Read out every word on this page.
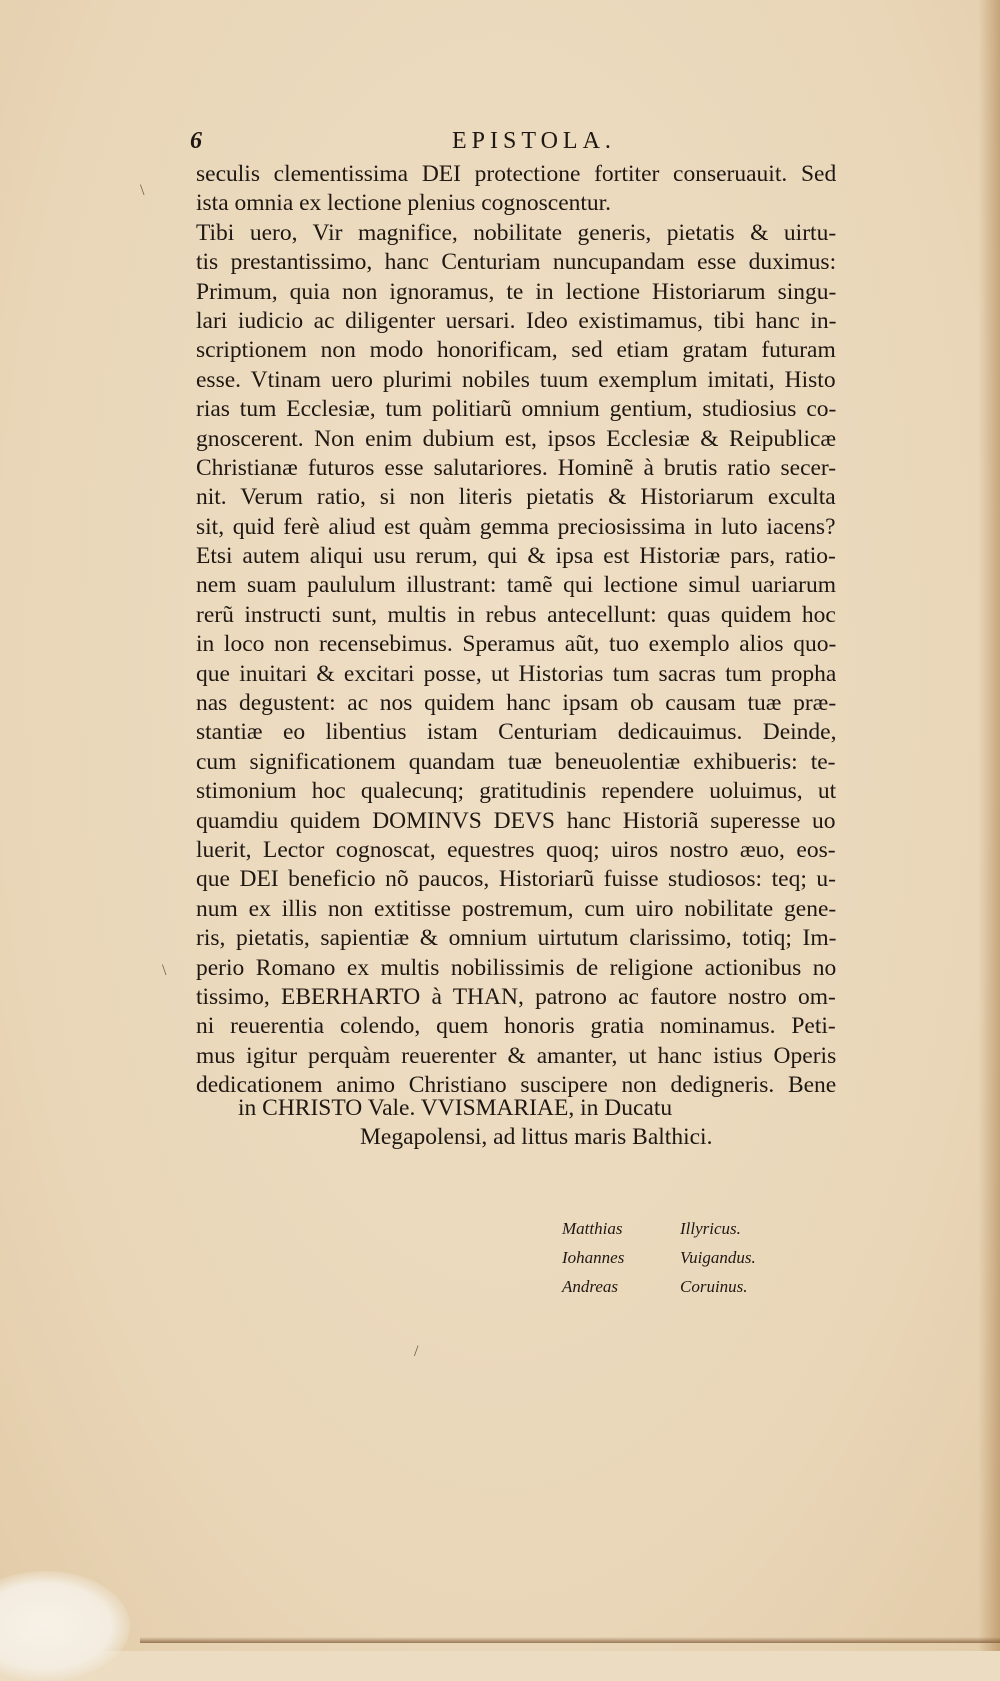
\
\
/
6	EPISTOLA.
seculis clementissima DEI protectione fortiter conseruauit. Sed
ista omnia ex lectione plenius cognoscentur.
Tibi uero, Vir magnifice, nobilitate generis, pietatis & uirtu-
tis prestantissimo, hanc Centuriam nuncupandam esse duximus:
Primum, quia non ignoramus, te in lectione Historiarum singu-
lari iudicio ac diligenter uersari. Ideo existimamus, tibi hanc in-
scriptionem non modo honorificam, sed etiam gratam futuram
esse. Vtinam uero plurimi nobiles tuum exemplum imitati, Histo
rias tum Ecclesiæ, tum politiarũ omnium gentium, studiosius co-
gnoscerent. Non enim dubium est, ipsos Ecclesiæ & Reipublicæ
Christianæ futuros esse salutariores. Hominẽ à brutis ratio secer-
nit. Verum ratio, si non literis pietatis & Historiarum exculta
sit, quid ferè aliud est quàm gemma preciosissima in luto iacens?
Etsi autem aliqui usu rerum, qui & ipsa est Historiæ pars, ratio-
nem suam paululum illustrant: tamẽ qui lectione simul uariarum
rerũ instructi sunt, multis in rebus antecellunt: quas quidem hoc
in loco non recensebimus. Speramus aũt, tuo exemplo alios quo-
que inuitari & excitari posse, ut Historias tum sacras tum propha
nas degustent: ac nos quidem hanc ipsam ob causam tuæ præ-
stantiæ eo libentius istam Centuriam dedicauimus. Deinde,
cum significationem quandam tuæ beneuolentiæ exhibueris: te-
stimonium hoc qualecunq; gratitudinis rependere uoluimus, ut
quamdiu quidem DOMINVS DEVS hanc Historiã superesse uo
luerit, Lector cognoscat, equestres quoq; uiros nostro æuo, eos-
que DEI beneficio nõ paucos, Historiarũ fuisse studiosos: teq; u-
num ex illis non extitisse postremum, cum uiro nobilitate gene-
ris, pietatis, sapientiæ & omnium uirtutum clarissimo, totiq; Im-
perio Romano ex multis nobilissimis de religione actionibus no
tissimo, EBERHARTO à THAN, patrono ac fautore nostro om-
ni reuerentia colendo, quem honoris gratia nominamus. Peti-
mus igitur perquàm reuerenter & amanter, ut hanc istius Operis
dedicationem animo Christiano suscipere non dedigneris. Bene
in CHRISTO Vale. VVISMARIAE, in Ducatu
Megapolensi, ad littus maris Balthici.
Matthias	Illyricus.
Iohannes	Vuigandus.
Andreas	Coruinus.
